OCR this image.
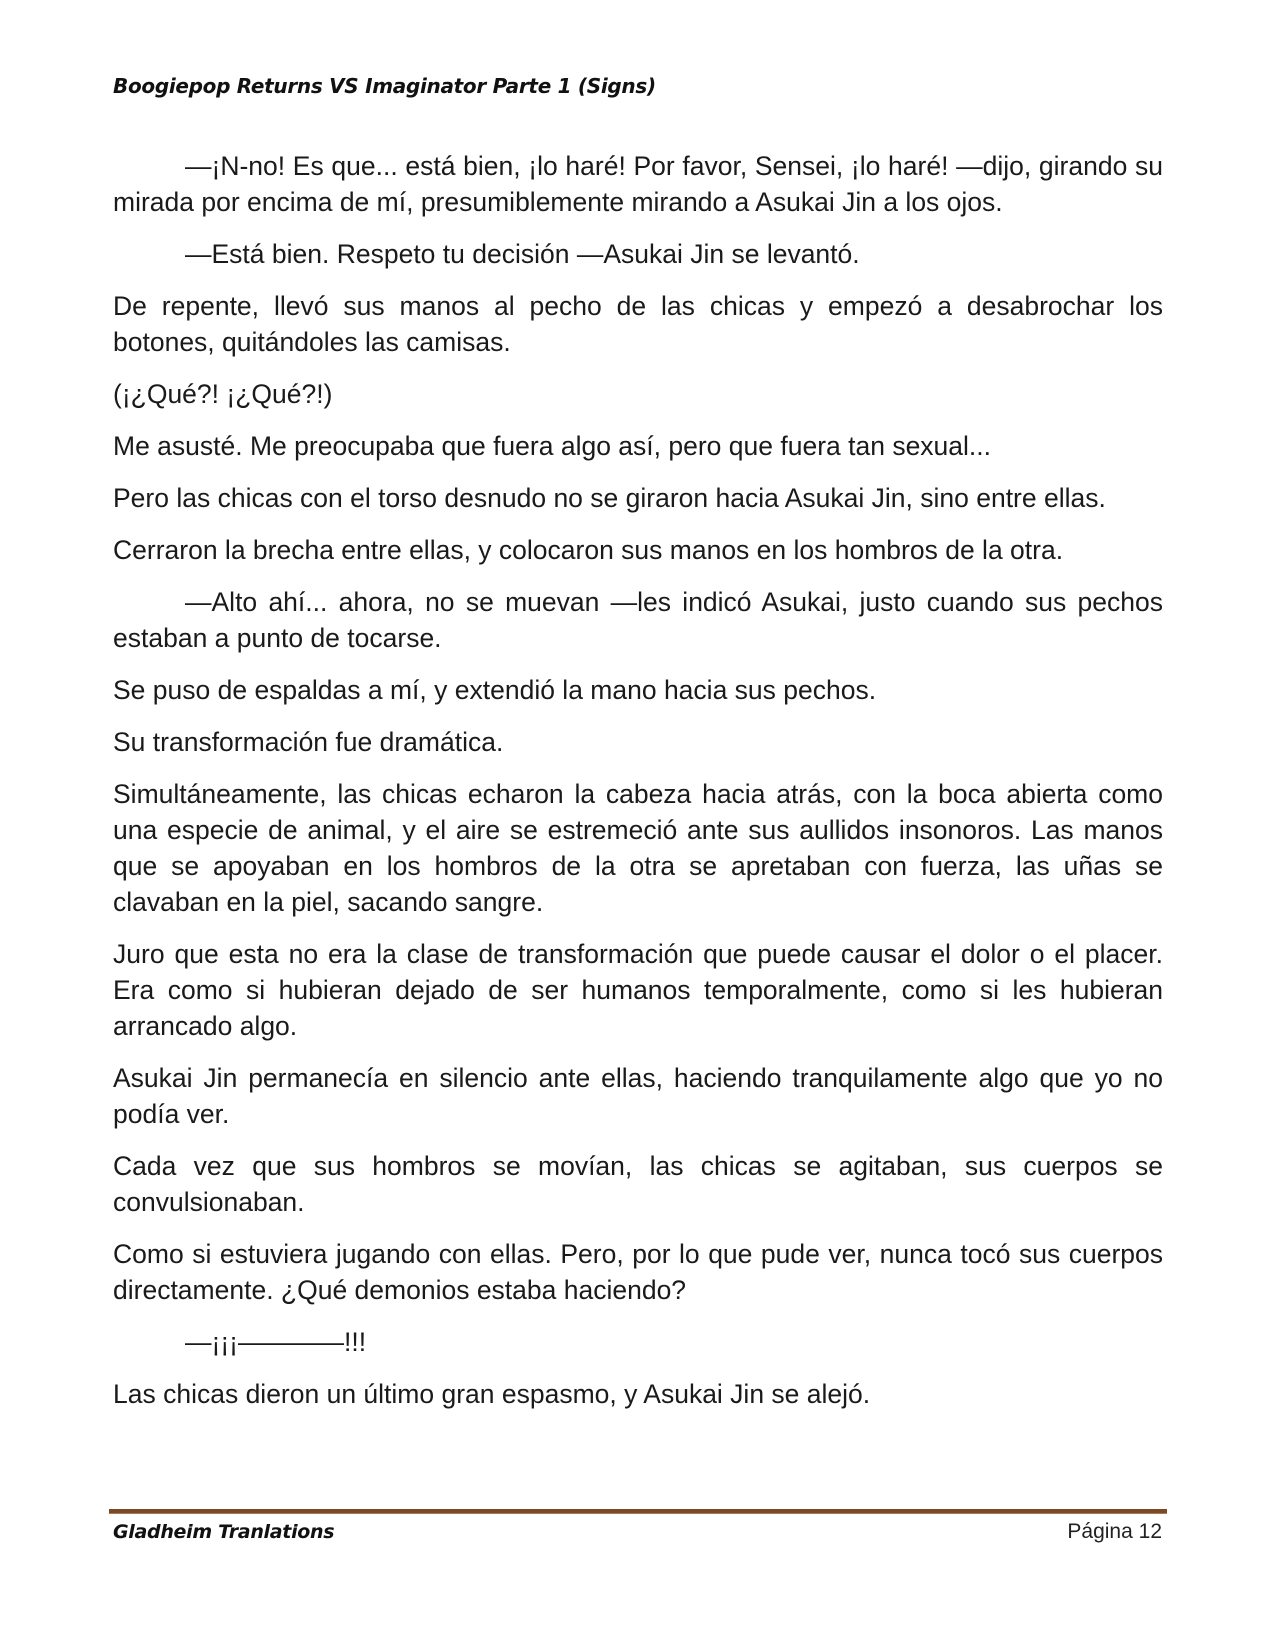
Boogiepop Returns VS Imaginator Parte 1 (Signs)

—¡N-no! Es que... está bien, ¡lo haré! Por favor, Sensei, ¡lo haré! —dijo, girando su mirada por encima de mí, presumiblemente mirando a Asukai Jin a los ojos.

—Está bien. Respeto tu decisión —Asukai Jin se levantó.

De repente, llevó sus manos al pecho de las chicas y empezó a desabrochar los botones, quitándoles las camisas.

(¡¿Qué?! ¡¿Qué?!)

Me asusté. Me preocupaba que fuera algo así, pero que fuera tan sexual...

Pero las chicas con el torso desnudo no se giraron hacia Asukai Jin, sino entre ellas.

Cerraron la brecha entre ellas, y colocaron sus manos en los hombros de la otra.

—Alto ahí... ahora, no se muevan —les indicó Asukai, justo cuando sus pechos estaban a punto de tocarse.

Se puso de espaldas a mí, y extendió la mano hacia sus pechos.

Su transformación fue dramática.

Simultáneamente, las chicas echaron la cabeza hacia atrás, con la boca abierta como una especie de animal, y el aire se estremeció ante sus aullidos insonoros. Las manos que se apoyaban en los hombros de la otra se apretaban con fuerza, las uñas se clavaban en la piel, sacando sangre.

Juro que esta no era la clase de transformación que puede causar el dolor o el placer. Era como si hubieran dejado de ser humanos temporalmente, como si les hubieran arrancado algo.

Asukai Jin permanecía en silencio ante ellas, haciendo tranquilamente algo que yo no podía ver.

Cada vez que sus hombros se movían, las chicas se agitaban, sus cuerpos se convulsionaban.

Como si estuviera jugando con ellas. Pero, por lo que pude ver, nunca tocó sus cuerpos directamente. ¿Qué demonios estaba haciendo?

—¡¡¡————!!!

Las chicas dieron un último gran espasmo, y Asukai Jin se alejó.

Gladheim Tranlations	Página 12
